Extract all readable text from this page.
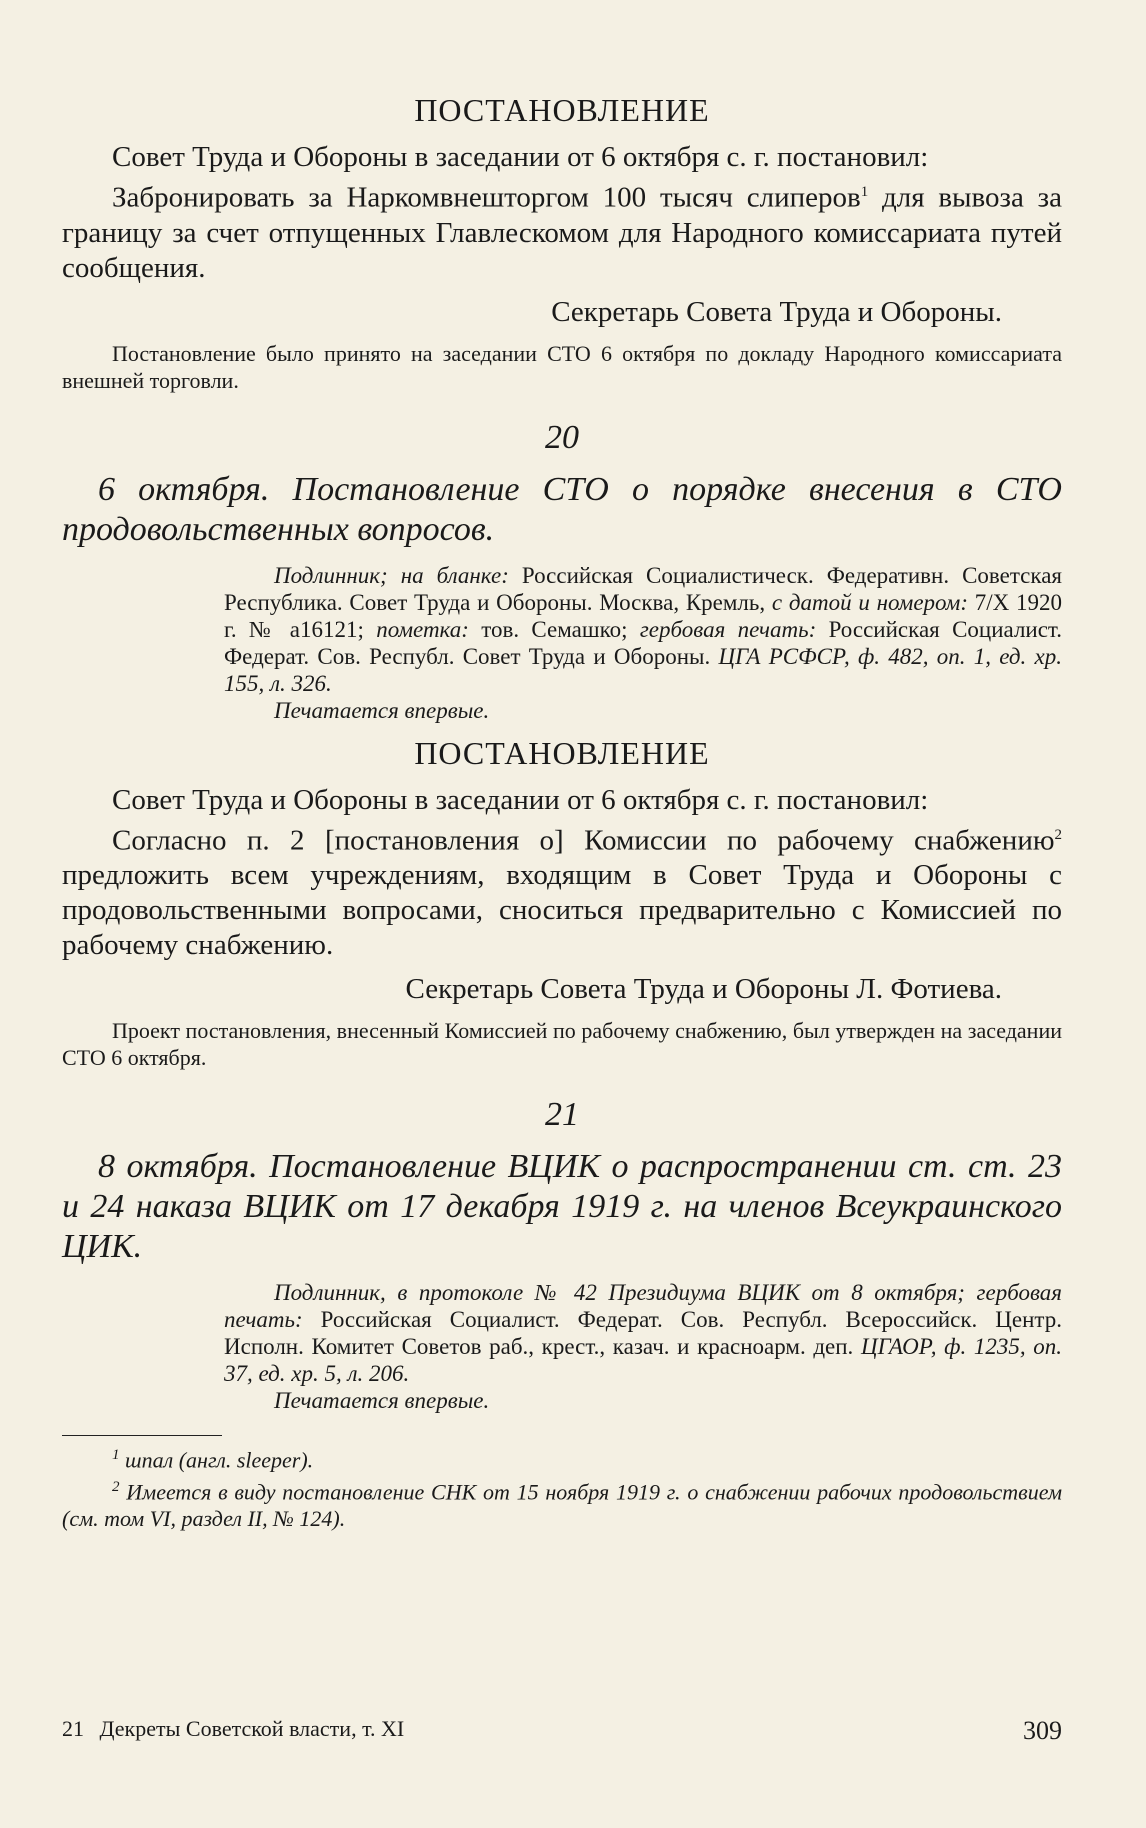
ПОСТАНОВЛЕНИЕ

Совет Труда и Обороны в заседании от 6 октября с. г. постановил:

Забронировать за Наркомвнешторгом 100 тысяч слиперов$^1$ для вывоза за границу за счет отпущенных Главлескомом для Народного комиссариата путей сообщения.

Секретарь Совета Труда и Обороны.

Постановление было принято на заседании СТО 6 октября по докладу Народного комиссариата внешней торговли.

20

6 октября. Постановление СТО о порядке внесения в СТО продовольственных вопросов.

Подлинник; на бланке: Российская Социалистическ. Федеративн. Советская Республика. Совет Труда и Обороны. Москва, Кремль, с датой и номером: 7/X 1920 г. № а16121; пометка: тов. Семашко; гербовая печать: Российская Социалист. Федерат. Сов. Республ. Совет Труда и Обороны. ЦГА РСФСР, ф. 482, оп. 1, ед. хр. 155, л. 326.
Печатается впервые.
ПОСТАНОВЛЕНИЕ

Совет Труда и Обороны в заседании от 6 октября с. г. постановил:

Согласно п. 2 [постановления о] Комиссии по рабочему снабжению$^2$ предложить всем учреждениям, входящим в Совет Труда и Обороны с продовольственными вопросами, сноситься предварительно с Комиссией по рабочему снабжению.

Секретарь Совета Труда и Обороны Л. Фотиева.

Проект постановления, внесенный Комиссией по рабочему снабжению, был утвержден на заседании СТО 6 октября.

21

8 октября. Постановление ВЦИК о распространении ст. ст. 23 и 24 наказа ВЦИК от 17 декабря 1919 г. на членов Всеукраинского ЦИК.

Подлинник, в протоколе № 42 Президиума ВЦИК от 8 октября; гербовая печать: Российская Социалист. Федерат. Сов. Республ. Всероссийск. Центр. Исполн. Комитет Советов раб., крест., казач. и красноарм. деп. ЦГАОР, ф. 1235, оп. 37, ед. хр. 5, л. 206.
Печатается впервые.
$^1$ шпал (англ. sleeper).
$^2$ Имеется в виду постановление СНК от 15 ноября 1919 г. о снабжении рабочих продовольствием (см. том VI, раздел II, № 124).
21 Декреты Советской власти, т. XI	309
